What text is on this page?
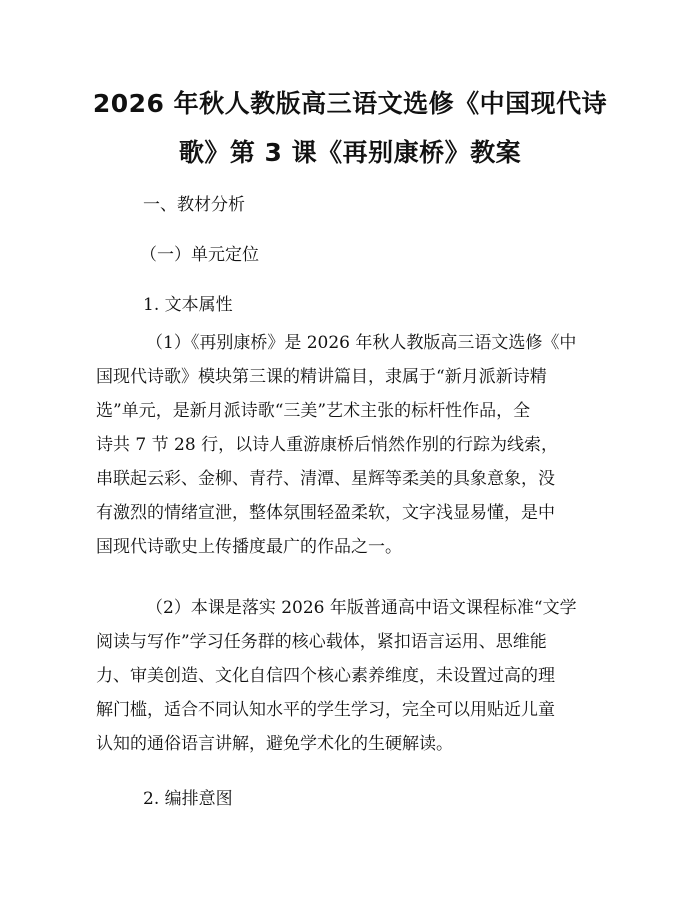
2026 年秋人教版高三语文选修《中国现代诗
歌》第 3 课《再别康桥》教案

一、教材分析

（一）单元定位

1. 文本属性

（1）《再别康桥》是 2026 年秋人教版高三语文选修《中
国现代诗歌》模块第三课的精讲篇目，隶属于“新月派新诗精
选”单元，是新月派诗歌“三美”艺术主张的标杆性作品，全
诗共 7 节 28 行，以诗人重游康桥后悄然作别的行踪为线索，
串联起云彩、金柳、青荇、清潭、星辉等柔美的具象意象，没
有激烈的情绪宣泄，整体氛围轻盈柔软，文字浅显易懂，是中
国现代诗歌史上传播度最广的作品之一。
（2）本课是落实 2026 年版普通高中语文课程标准“文学
阅读与写作”学习任务群的核心载体，紧扣语言运用、思维能
力、审美创造、文化自信四个核心素养维度，未设置过高的理
解门槛，适合不同认知水平的学生学习，完全可以用贴近儿童
认知的通俗语言讲解，避免学术化的生硬解读。

2. 编排意图
